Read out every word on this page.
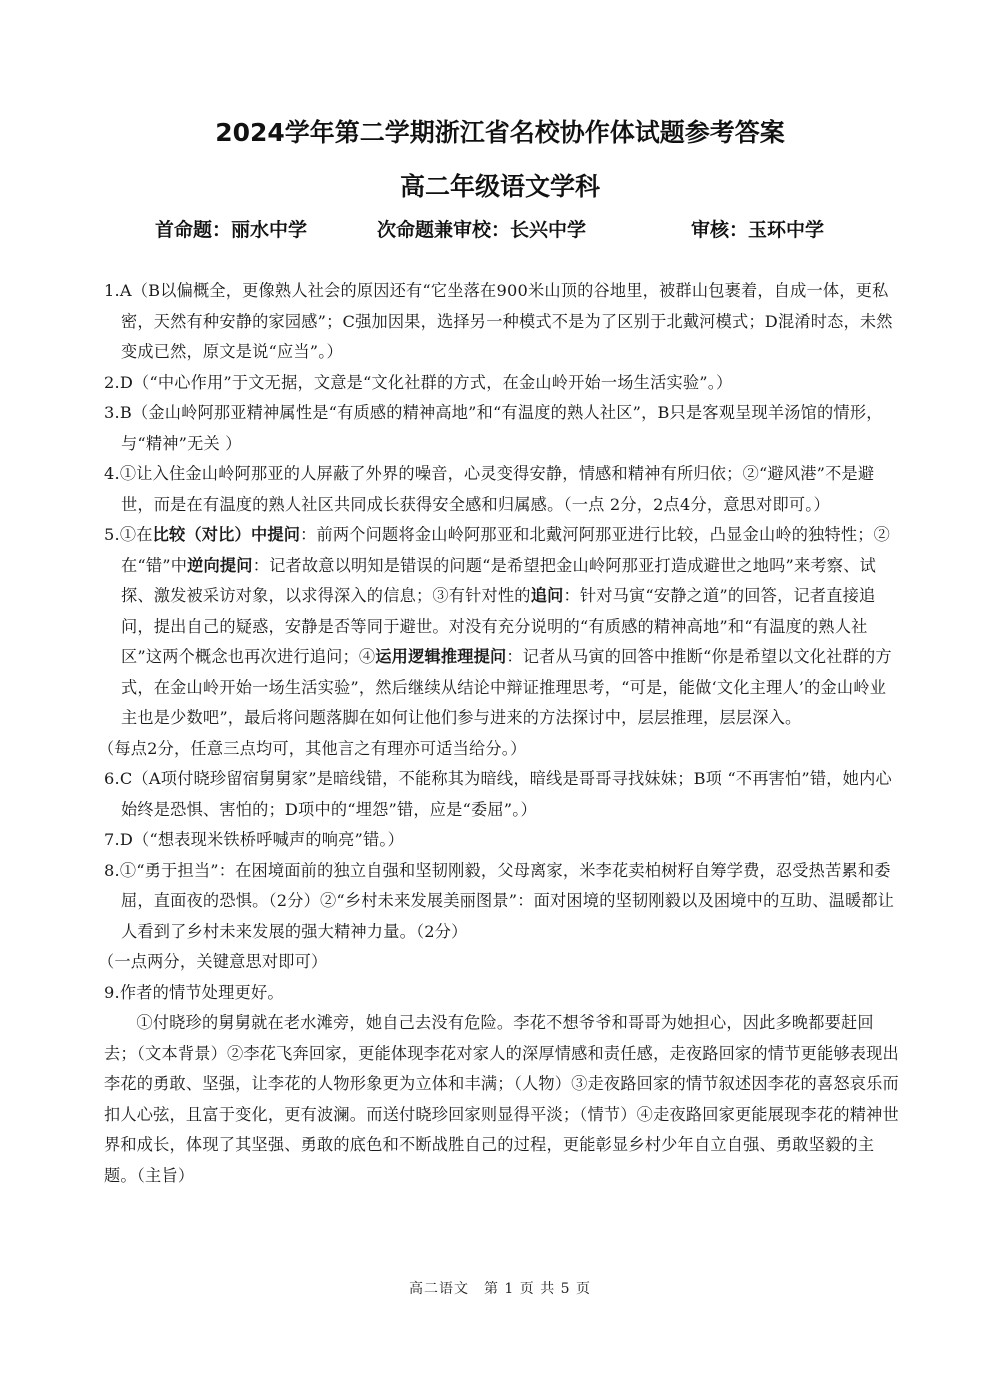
2024学年第二学期浙江省名校协作体试题参考答案
高二年级语文学科
首命题：丽水中学	次命题兼审校：长兴中学	审核：玉环中学

1.A（B以偏概全，更像熟人社会的原因还有“它坐落在900米山顶的谷地里，被群山包裹着，自成一体，更私密，天然有种安静的家园感”；C强加因果，选择另一种模式不是为了区别于北戴河模式；D混淆时态，未然变成已然，原文是说“应当”。）

2.D（“中心作用”于文无据，文意是“文化社群的方式，在金山岭开始一场生活实验”。）

3.B（金山岭阿那亚精神属性是“有质感的精神高地”和“有温度的熟人社区”，B只是客观呈现羊汤馆的情形，与“精神”无关 ）

4.①让入住金山岭阿那亚的人屏蔽了外界的噪音，心灵变得安静，情感和精神有所归依；②“避风港”不是避世，而是在有温度的熟人社区共同成长获得安全感和归属感。（一点 2分，2点4分，意思对即可。）

5.①在比较（对比）中提问：前两个问题将金山岭阿那亚和北戴河阿那亚进行比较，凸显金山岭的独特性；②在“错”中逆向提问：记者故意以明知是错误的问题“是希望把金山岭阿那亚打造成避世之地吗”来考察、试探、激发被采访对象，以求得深入的信息；③有针对性的追问：针对马寅“安静之道”的回答，记者直接追问，提出自己的疑惑，安静是否等同于避世。对没有充分说明的“有质感的精神高地”和“有温度的熟人社区”这两个概念也再次进行追问；④运用逻辑推理提问：记者从马寅的回答中推断“你是希望以文化社群的方式，在金山岭开始一场生活实验”，然后继续从结论中辩证推理思考，“可是，能做‘文化主理人’的金山岭业主也是少数吧”，最后将问题落脚在如何让他们参与进来的方法探讨中，层层推理，层层深入。

（每点2分，任意三点均可，其他言之有理亦可适当给分。）

6.C（A项付晓珍留宿舅舅家”是暗线错，不能称其为暗线，暗线是哥哥寻找妹妹；B项 “不再害怕”错，她内心始终是恐惧、害怕的；D项中的“埋怨”错，应是“委屈”。）

7.D（“想表现米铁桥呼喊声的响亮”错。）

8.①“勇于担当”：在困境面前的独立自强和坚韧刚毅，父母离家，米李花卖柏树籽自筹学费，忍受热苦累和委屈，直面夜的恐惧。（2分）②“乡村未来发展美丽图景”：面对困境的坚韧刚毅以及困境中的互助、温暖都让人看到了乡村未来发展的强大精神力量。（2分）

（一点两分，关键意思对即可）

9.作者的情节处理更好。

①付晓珍的舅舅就在老水滩旁，她自己去没有危险。李花不想爷爷和哥哥为她担心，因此多晚都要赶回去；（文本背景）②李花飞奔回家，更能体现李花对家人的深厚情感和责任感，走夜路回家的情节更能够表现出李花的勇敢、坚强，让李花的人物形象更为立体和丰满；（人物）③走夜路回家的情节叙述因李花的喜怒哀乐而扣人心弦，且富于变化，更有波澜。而送付晓珍回家则显得平淡；（情节）④走夜路回家更能展现李花的精神世界和成长，体现了其坚强、勇敢的底色和不断战胜自己的过程，更能彰显乡村少年自立自强、勇敢坚毅的主题。（主旨）

高二语文　第 1 页 共 5 页
